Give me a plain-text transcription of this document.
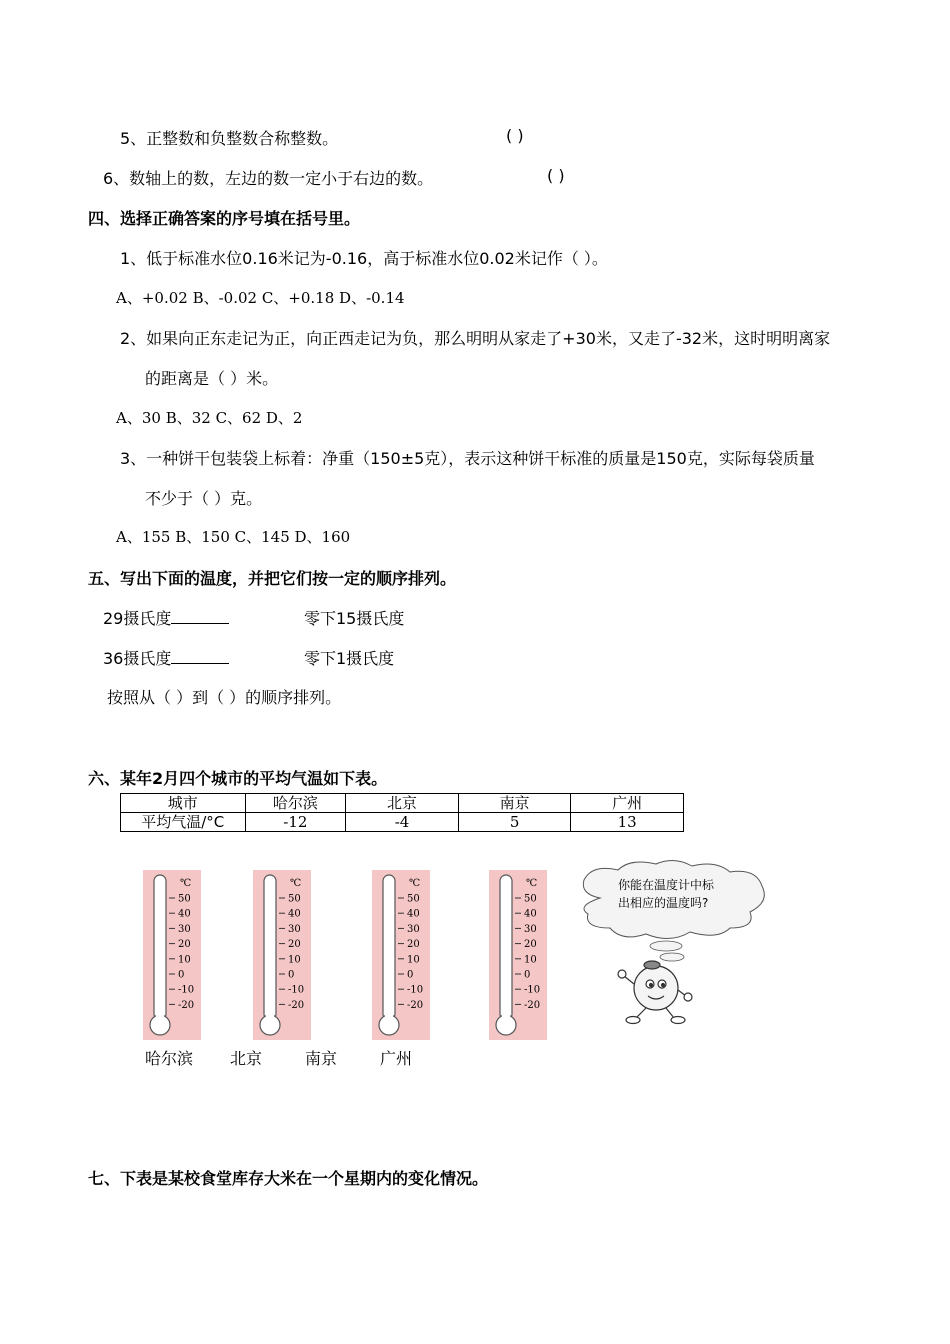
5、正整数和负整数合称整数。	( )
6、数轴上的数，左边的数一定小于右边的数。	( )
四、选择正确答案的序号填在括号里。
1、低于标准水位0.16米记为-0.16，高于标准水位0.02米记作（ ）。
A、+0.02 B、-0.02 C、+0.18 D、-0.14
2、如果向正东走记为正，向正西走记为负，那么明明从家走了+30米，又走了-32米，这时明明离家
的距离是（ ）米。
A、30 B、32 C、62 D、2
3、一种饼干包装袋上标着：净重（150±5克），表示这种饼干标准的质量是150克，实际每袋质量
不少于（ ）克。
A、155 B、150 C、145 D、160
五、写出下面的温度，并把它们按一定的顺序排列。
29摄氏度	零下15摄氏度
36摄氏度	零下1摄氏度
按照从（ ）到（ ）的顺序排列。
六、某年2月四个城市的平均气温如下表。
城市	哈尔滨	北京	南京	广州
平均气温/°C	-12	-4	5	13
℃
50
40
30
20
10
0
-10
-20
℃
50
40
30
20
10
0
-10
-20
℃
50
40
30
20
10
0
-10
-20
℃
50
40
30
20
10
0
-10
-20
哈尔滨 北京	南京	广州
你能在温度计中标
出相应的温度吗?
七、下表是某校食堂库存大米在一个星期内的变化情况。
